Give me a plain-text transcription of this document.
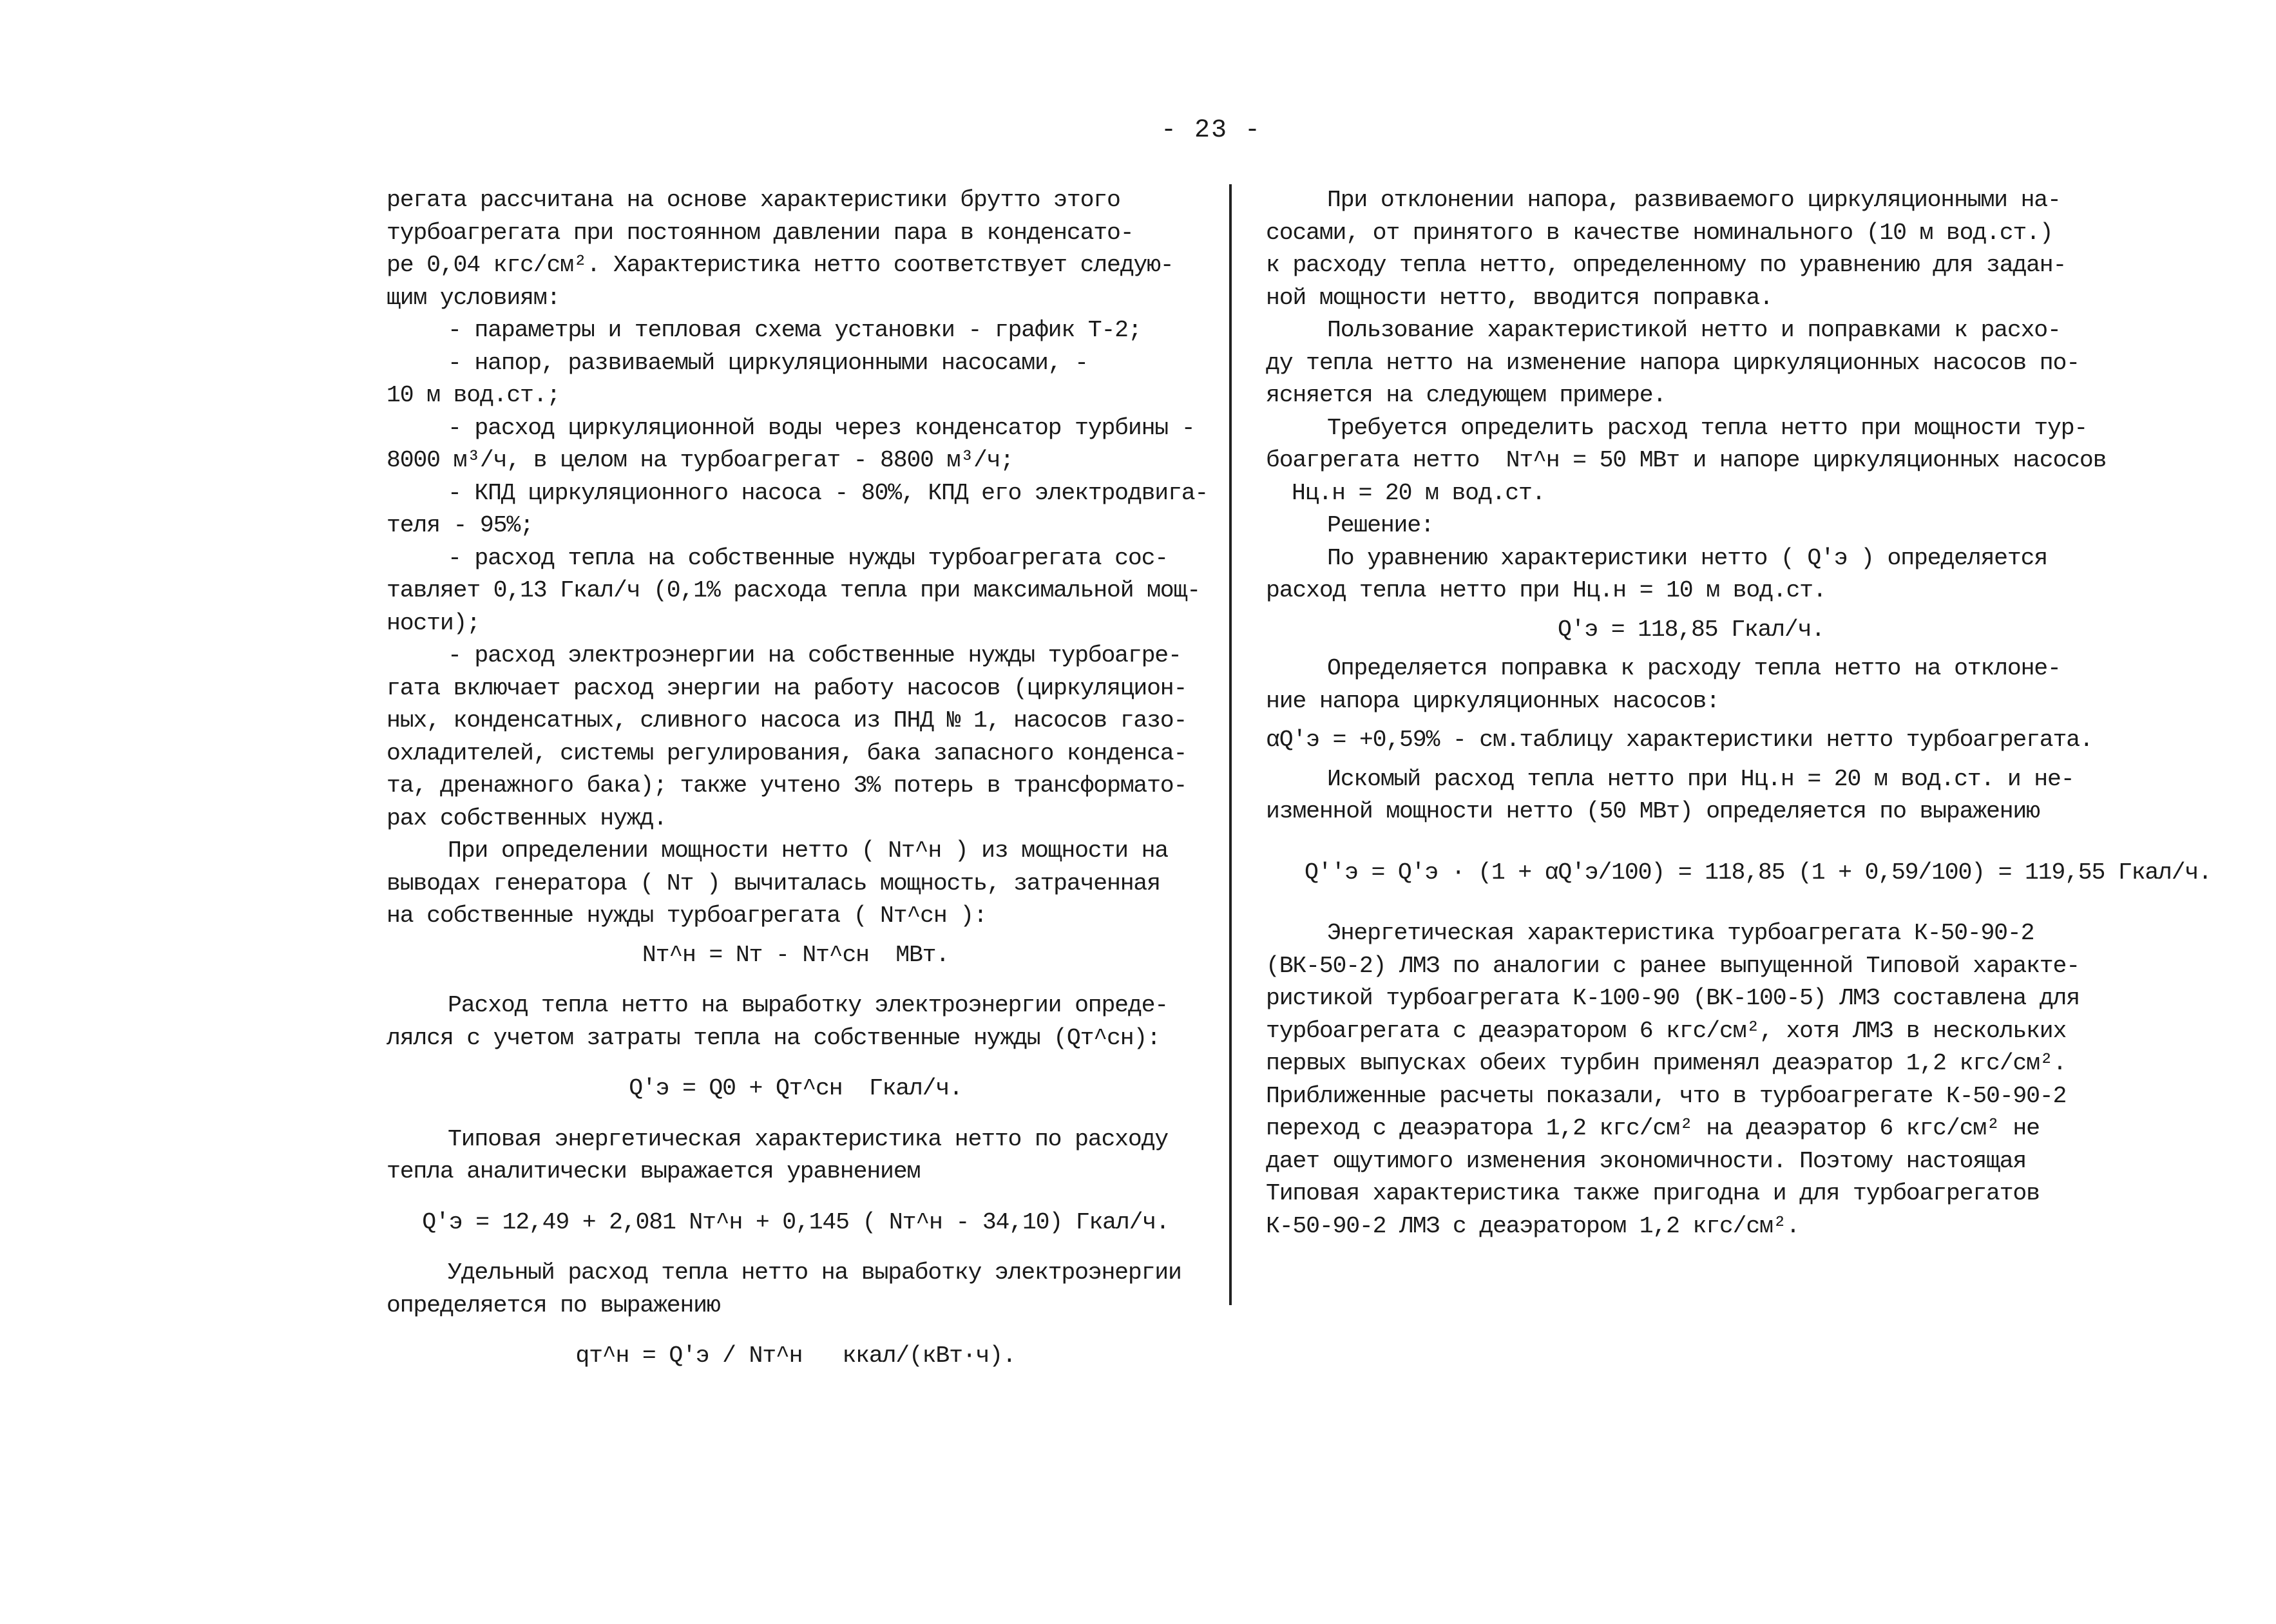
- 23 -

регата рассчитана на основе характеристики брутто этого

турбоагрегата при постоянном давлении пара в конденсато-

ре 0,04 кгс/см². Характеристика нетто соответствует следую-

щим условиям:

- параметры и тепловая схема установки - график Т-2;

- напор, развиваемый циркуляционными насосами, -

10 м вод.ст.;

- расход циркуляционной воды через конденсатор турбины -

8000 м³/ч, в целом на турбоагрегат - 8800 м³/ч;

- КПД циркуляционного насоса - 80%, КПД его электродвига-

теля - 95%;

- расход тепла на собственные нужды турбоагрегата сос-

тавляет 0,13 Гкал/ч (0,1% расхода тепла при максимальной мощ-

ности);

- расход электроэнергии на собственные нужды турбоагре-

гата включает расход энергии на работу насосов (циркуляцион-

ных, конденсатных, сливного насоса из ПНД № 1, насосов газо-

охладителей, системы регулирования, бака запасного конденса-

та, дренажного бака); также учтено 3% потерь в трансформато-

рах собственных нужд.

При определении мощности нетто ( Nт^н ) из мощности на

выводах генератора ( Nт ) вычиталась мощность, затраченная

на собственные нужды турбоагрегата ( Nт^сн ):

Nт^н = Nт - Nт^сн  МВт.

Расход тепла нетто на выработку электроэнергии опреде-

лялся с учетом затраты тепла на собственные нужды (Qт^сн):

Q'э = Q0 + Qт^сн  Гкал/ч.

Типовая энергетическая характеристика нетто по расходу

тепла аналитически выражается уравнением

Q'э = 12,49 + 2,081 Nт^н + 0,145 ( Nт^н - 34,10) Гкал/ч.

Удельный расход тепла нетто на выработку электроэнергии

определяется по выражению

qт^н = Q'э / Nт^н   ккал/(кВт·ч).

При отклонении напора, развиваемого циркуляционными на-

сосами, от принятого в качестве номинального (10 м вод.ст.)

к расходу тепла нетто, определенному по уравнению для задан-

ной мощности нетто, вводится поправка.

Пользование характеристикой нетто и поправками к расхо-

ду тепла нетто на изменение напора циркуляционных насосов по-

ясняется на следующем примере.

Требуется определить расход тепла нетто при мощности тур-

боагрегата нетто  Nт^н = 50 МВт и напоре циркуляционных насосов

Hц.н = 20 м вод.ст.

Решение:

По уравнению характеристики нетто ( Q'э ) определяется

расход тепла нетто при Hц.н = 10 м вод.ст.

Q'э = 118,85 Гкал/ч.

Определяется поправка к расходу тепла нетто на отклоне-

ние напора циркуляционных насосов:

αQ'э = +0,59% - см.таблицу характеристики нетто турбоагрегата.

Искомый расход тепла нетто при Hц.н = 20 м вод.ст. и не-

изменной мощности нетто (50 МВт) определяется по выражению

Q''э = Q'э · (1 + αQ'э/100) = 118,85 (1 + 0,59/100) = 119,55 Гкал/ч.

Энергетическая характеристика турбоагрегата К-50-90-2

(ВК-50-2) ЛМЗ по аналогии с ранее выпущенной Типовой характе-

ристикой турбоагрегата К-100-90 (ВК-100-5) ЛМЗ составлена для

турбоагрегата с деаэратором 6 кгс/см², хотя ЛМЗ в нескольких

первых выпусках обеих турбин применял деаэратор 1,2 кгс/см².

Приближенные расчеты показали, что в турбоагрегате К-50-90-2

переход с деаэратора 1,2 кгс/см² на деаэратор 6 кгс/см² не

дает ощутимого изменения экономичности. Поэтому настоящая

Типовая характеристика также пригодна и для турбоагрегатов

К-50-90-2 ЛМЗ с деаэратором 1,2 кгс/см².
